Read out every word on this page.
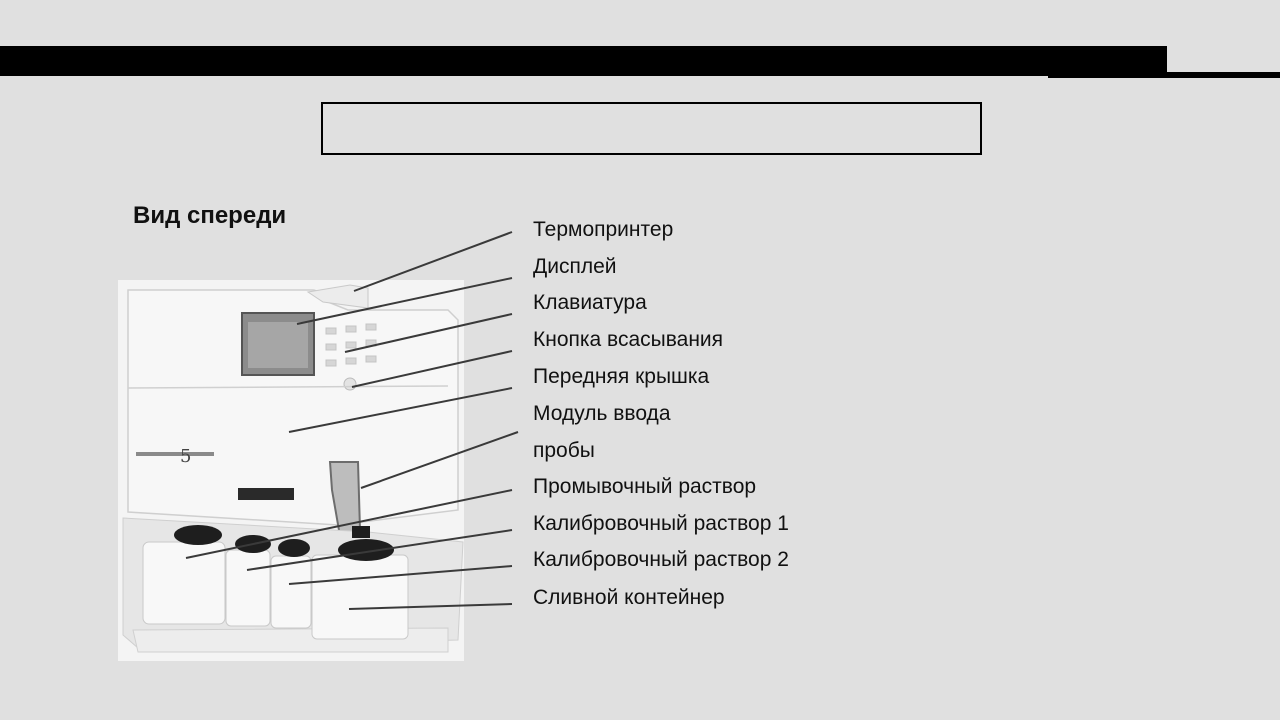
Вид спереди
5
Термопринтер
Дисплей
Клавиатура
Кнопка всасывания
Передняя крышка
Модуль ввода
пробы
Промывочный раствор
Калибровочный раствор 1
Калибровочный раствор 2
Сливной контейнер
